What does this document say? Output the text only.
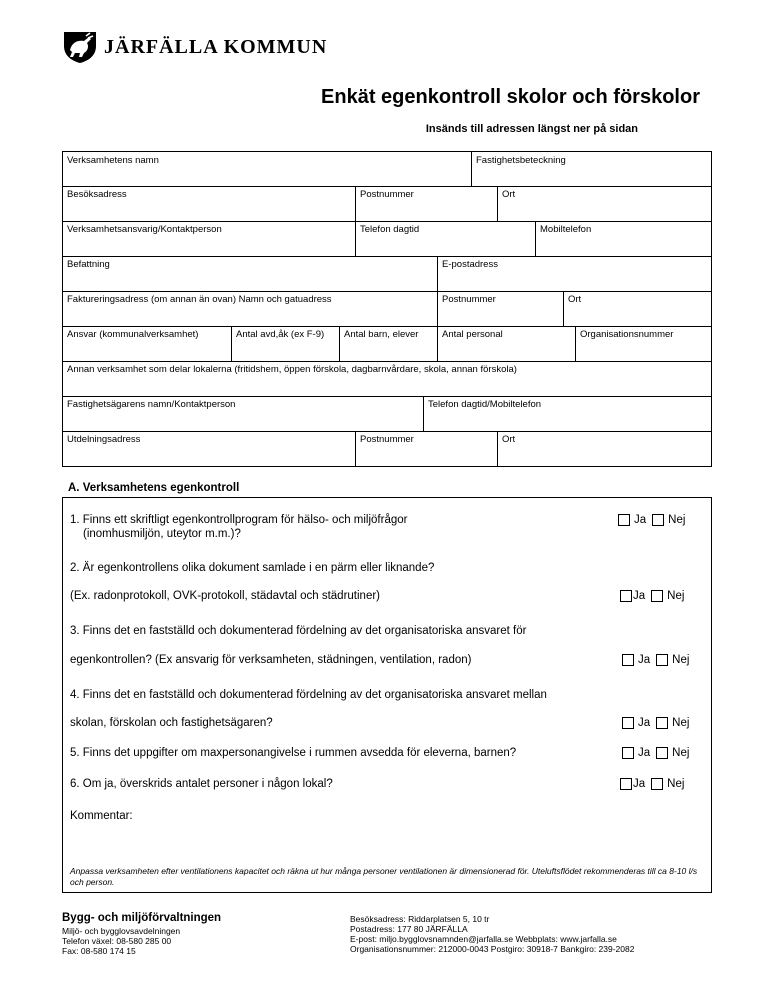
JÄRFÄLLA KOMMUN
Enkät egenkontroll skolor och förskolor
Insänds till adressen längst ner på sidan
Verksamhetens namn	Fastighetsbeteckning
Besöksadress	Postnummer	Ort
Verksamhetsansvarig/Kontaktperson	Telefon dagtid	Mobiltelefon
Befattning	E-postadress
Faktureringsadress (om annan än ovan) Namn och gatuadress	Postnummer	Ort
Ansvar (kommunalverksamhet)	Antal avd,åk (ex F-9)	Antal barn, elever	Antal personal	Organisationsnummer
Annan verksamhet som delar lokalerna (fritidshem, öppen förskola, dagbarnvårdare, skola, annan förskola)
Fastighetsägarens namn/Kontaktperson	Telefon dagtid/Mobiltelefon
Utdelningsadress	Postnummer	Ort
A. Verksamhetens egenkontroll
1. Finns ett skriftligt egenkontrollprogram för hälso- och miljöfrågor
(inomhusmiljön, uteytor m.m.)?
Ja Nej
2. Är egenkontrollens olika dokument samlade i en pärm eller liknande?
(Ex. radonprotokoll, OVK-protokoll, städavtal och städrutiner)	Ja Nej
3. Finns det en fastställd och dokumenterad fördelning av det organisatoriska ansvaret för
egenkontrollen? (Ex ansvarig för verksamheten, städningen, ventilation, radon)	Ja Nej
4. Finns det en fastställd och dokumenterad fördelning av det organisatoriska ansvaret mellan
skolan, förskolan och fastighetsägaren?	Ja Nej
5. Finns det uppgifter om maxpersonangivelse i rummen avsedda för eleverna, barnen?	Ja Nej
6. Om ja, överskrids antalet personer i någon lokal?	Ja Nej
Kommentar:
Anpassa verksamheten efter ventilationens kapacitet och räkna ut hur många personer ventilationen är dimensionerad för. Uteluftsflödet rekommenderas till ca 8-10 l/s och person.
Bygg- och miljöförvaltningen
Miljö- och bygglovsavdelningen
Telefon växel: 08-580 285 00
Fax: 08-580 174 15
Besöksadress: Riddarplatsen 5, 10 tr
Postadress: 177 80 JÄRFÄLLA
E-post: miljo.bygglovsnamnden@jarfalla.se Webbplats: www.jarfalla.se
Organisationsnummer: 212000-0043 Postgiro: 30918-7 Bankgiro: 239-2082
